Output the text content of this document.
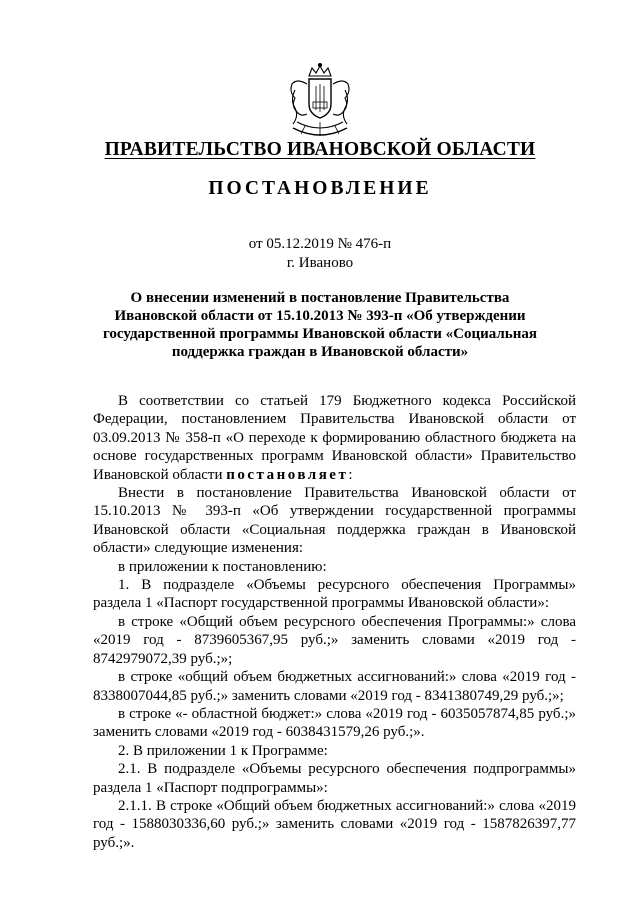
ПРАВИТЕЛЬСТВО ИВАНОВСКОЙ ОБЛАСТИ
ПОСТАНОВЛЕНИЕ
от 05.12.2019 № 476-п
г. Иваново
О внесении изменений в постановление Правительства
Ивановской области от 15.10.2013 № 393-п «Об утверждении
государственной программы Ивановской области «Социальная
поддержка граждан в Ивановской области»

В соответствии со статьей 179 Бюджетного кодекса Российской Федерации, постановлением Правительства Ивановской области от 03.09.2013 № 358-п «О переходе к формированию областного бюджета на основе государственных программ Ивановской области» Правительство Ивановской области постановляет:

Внести в постановление Правительства Ивановской области от 15.10.2013 № 393-п «Об утверждении государственной программы Ивановской области «Социальная поддержка граждан в Ивановской области» следующие изменения:

в приложении к постановлению:

1. В подразделе «Объемы ресурсного обеспечения Программы» раздела 1 «Паспорт государственной программы Ивановской области»:

в строке «Общий объем ресурсного обеспечения Программы:» слова «2019 год - 8739605367,95 руб.;» заменить словами «2019 год - 8742979072,39 руб.;»;

в строке «общий объем бюджетных ассигнований:» слова «2019 год - 8338007044,85 руб.;» заменить словами «2019 год - 8341380749,29 руб.;»;

в строке «- областной бюджет:» слова «2019 год - 6035057874,85 руб.;» заменить словами «2019 год - 6038431579,26 руб.;».

2. В приложении 1 к Программе:

2.1. В подразделе «Объемы ресурсного обеспечения подпрограммы» раздела 1 «Паспорт подпрограммы»:

2.1.1. В строке «Общий объем бюджетных ассигнований:» слова «2019 год - 1588030336,60 руб.;» заменить словами «2019 год - 1587826397,77 руб.;».
